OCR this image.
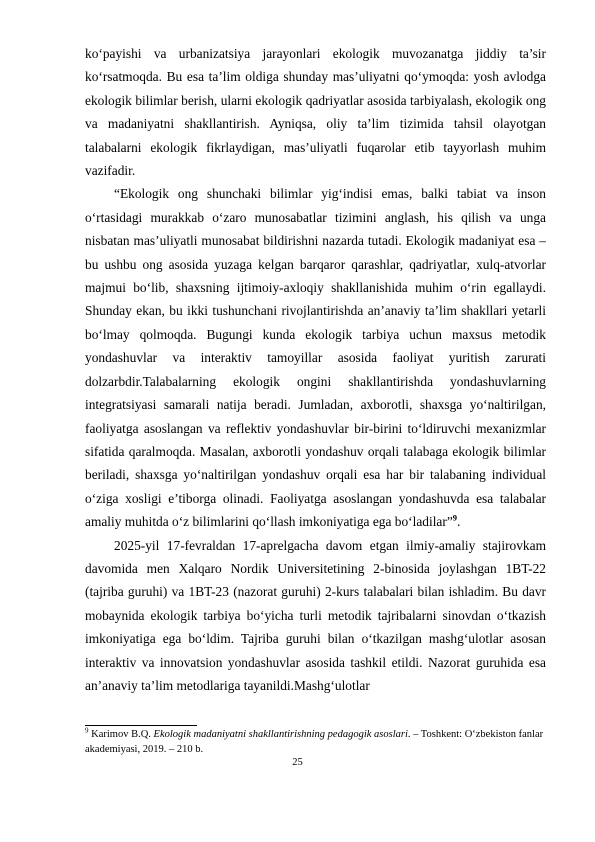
ko‘payishi va urbanizatsiya jarayonlari ekologik muvozanatga jiddiy ta’sir ko‘rsatmoqda. Bu esa ta’lim oldiga shunday mas’uliyatni qo‘ymoqda: yosh avlodga ekologik bilimlar berish, ularni ekologik qadriyatlar asosida tarbiyalash, ekologik ong va madaniyatni shakllantirish. Ayniqsa, oliy ta’lim tizimida tahsil olayotgan talabalarni ekologik fikrlaydigan, mas’uliyatli fuqarolar etib tayyorlash muhim vazifadir.

“Ekologik ong shunchaki bilimlar yig‘indisi emas, balki tabiat va inson o‘rtasidagi murakkab o‘zaro munosabatlar tizimini anglash, his qilish va unga nisbatan mas’uliyatli munosabat bildirishni nazarda tutadi. Ekologik madaniyat esa – bu ushbu ong asosida yuzaga kelgan barqaror qarashlar, qadriyatlar, xulq-atvorlar majmui bo‘lib, shaxsning ijtimoiy-axloqiy shakllanishida muhim o‘rin egallaydi. Shunday ekan, bu ikki tushunchani rivojlantirishda an’anaviy ta’lim shakllari yetarli bo‘lmay qolmoqda. Bugungi kunda ekologik tarbiya uchun maxsus metodik yondashuvlar va interaktiv tamoyillar asosida faoliyat yuritish zarurati dolzarbdir.Talabalarning ekologik ongini shakllantirishda yondashuvlarning integratsiyasi samarali natija beradi. Jumladan, axborotli, shaxsga yo‘naltirilgan, faoliyatga asoslangan va reflektiv yondashuvlar bir-birini to‘ldiruvchi mexanizmlar sifatida qaralmoqda. Masalan, axborotli yondashuv orqali talabaga ekologik bilimlar beriladi, shaxsga yo‘naltirilgan yondashuv orqali esa har bir talabaning individual o‘ziga xosligi e’tiborga olinadi. Faoliyatga asoslangan yondashuvda esa talabalar amaliy muhitda o‘z bilimlarini qo‘llash imkoniyatiga ega bo‘ladilar”$^9$.

2025-yil 17-fevraldan 17-aprelgacha davom etgan ilmiy-amaliy stajirovkam davomida men Xalqaro Nordik Universitetining 2-binosida joylashgan 1BT-22 (tajriba guruhi) va 1BT-23 (nazorat guruhi) 2-kurs talabalari bilan ishladim. Bu davr mobaynida ekologik tarbiya bo‘yicha turli metodik tajribalarni sinovdan o‘tkazish imkoniyatiga ega bo‘ldim. Tajriba guruhi bilan o‘tkazilgan mashg‘ulotlar asosan interaktiv va innovatsion yondashuvlar asosida tashkil etildi. Nazorat guruhida esa an’anaviy ta’lim metodlariga tayanildi.Mashg‘ulotlar

$^9$ Karimov B.Q. Ekologik madaniyatni shakllantirishning pedagogik asoslari. – Toshkent: O‘zbekiston fanlar akademiyasi, 2019. – 210 b.
25
